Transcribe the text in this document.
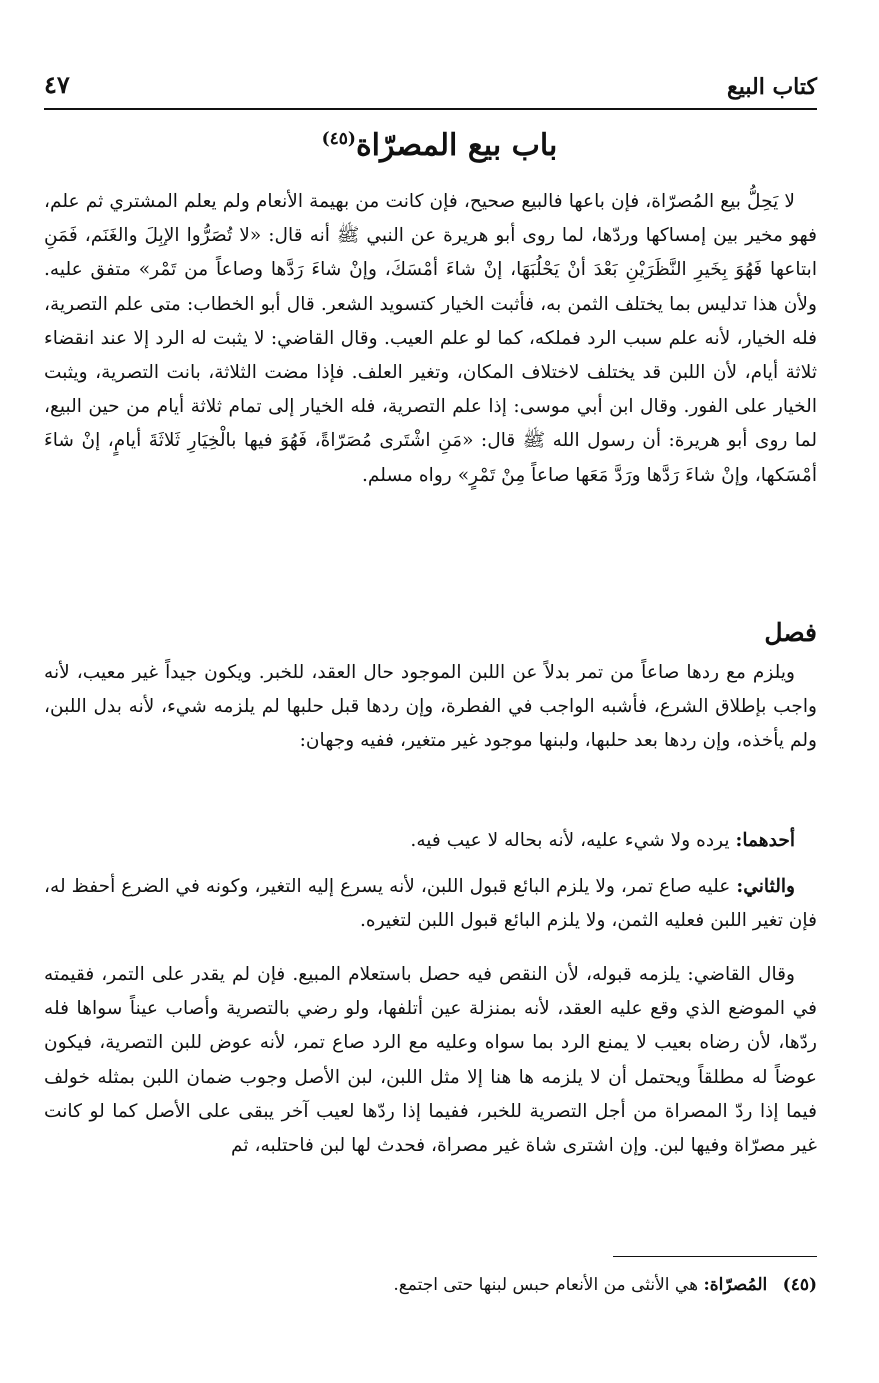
كتاب البيع
٤٧
باب بيع المصرّاة$^{(٤٥)}$

لا يَحِلُّ بيع المُصرّاة، فإن باعها فالبيع صحيح، فإن كانت من بهيمة الأنعام ولم يعلم المشتري ثم علم، فهو مخير بين إمساكها وردّها، لما روى أبو هريرة عن النبي ﷺ أنه قال: «لا تُصَرُّوا الإبِلَ والغَنَم، فَمَنِ ابتاعها فَهُوَ بِخَيرِ النَّظَرَيْنِ بَعْدَ أنْ يَحْلُبَهَا، إنْ شاءَ أمْسَكَ، وإنْ شاءَ رَدَّها وصاعاً من تَمْر» متفق عليه. ولأن هذا تدليس بما يختلف الثمن به، فأثبت الخيار كتسويد الشعر. قال أبو الخطاب: متى علم التصرية، فله الخيار، لأنه علم سبب الرد فملكه، كما لو علم العيب. وقال القاضي: لا يثبت له الرد إلا عند انقضاء ثلاثة أيام، لأن اللبن قد يختلف لاختلاف المكان، وتغير العلف. فإذا مضت الثلاثة، بانت التصرية، ويثبت الخيار على الفور. وقال ابن أبي موسى: إذا علم التصرية، فله الخيار إلى تمام ثلاثة أيام من حين البيع، لما روى أبو هريرة: أن رسول الله ﷺ قال: «مَنِ اشْتَرى مُصَرّاةً، فَهُوَ فيها بالْخِيَارِ ثَلاثَةَ أيامٍ، إنْ شاءَ أمْسَكها، وإنْ شاءَ رَدَّها ورَدَّ مَعَها صاعاً مِنْ تَمْرٍ» رواه مسلم.

فصل

ويلزم مع ردها صاعاً من تمر بدلاً عن اللبن الموجود حال العقد، للخبر. ويكون جيداً غير معيب، لأنه واجب بإطلاق الشرع، فأشبه الواجب في الفطرة، وإن ردها قبل حلبها لم يلزمه شيء، لأنه بدل اللبن، ولم يأخذه، وإن ردها بعد حلبها، ولبنها موجود غير متغير، ففيه وجهان:

أحدهما: يرده ولا شيء عليه، لأنه بحاله لا عيب فيه.

والثاني: عليه صاع تمر، ولا يلزم البائع قبول اللبن، لأنه يسرع إليه التغير، وكونه في الضرع أحفظ له، فإن تغير اللبن فعليه الثمن، ولا يلزم البائع قبول اللبن لتغيره.

وقال القاضي: يلزمه قبوله، لأن النقص فيه حصل باستعلام المبيع. فإن لم يقدر على التمر، فقيمته في الموضع الذي وقع عليه العقد، لأنه بمنزلة عين أتلفها، ولو رضي بالتصرية وأصاب عيناً سواها فله ردّها، لأن رضاه بعيب لا يمنع الرد بما سواه وعليه مع الرد صاع تمر، لأنه عوض للبن التصرية، فيكون عوضاً له مطلقاً ويحتمل أن لا يلزمه ها هنا إلا مثل اللبن، لبن الأصل وجوب ضمان اللبن بمثله خولف فيما إذا ردّ المصراة من أجل التصرية للخبر، ففيما إذا ردّها لعيب آخر يبقى على الأصل كما لو كانت غير مصرّاة وفيها لبن. وإن اشترى شاة غير مصراة، فحدث لها لبن فاحتلبه، ثم

(٤٥) المُصرّاة: هي الأنثى من الأنعام حبس لبنها حتى اجتمع.
